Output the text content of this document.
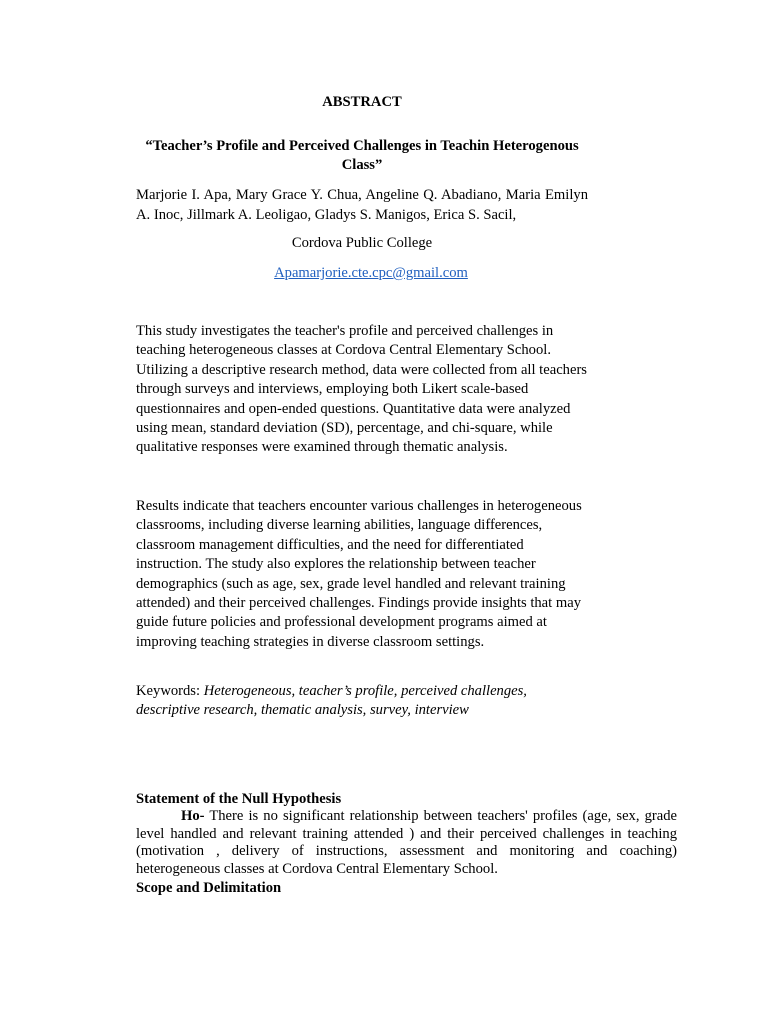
ABSTRACT

“Teacher’s Profile and Perceived Challenges in Teachin Heterogenous Class”

Marjorie I. Apa, Mary Grace Y. Chua, Angeline Q. Abadiano, Maria Emilyn A. Inoc, Jillmark A. Leoligao, Gladys S. Manigos, Erica S. Sacil,

Cordova Public College

Apamarjorie.cte.cpc@gmail.com

This study investigates the teacher's profile and perceived challenges in teaching heterogeneous classes at Cordova Central Elementary School. Utilizing a descriptive research method, data were collected from all teachers through surveys and interviews, employing both Likert scale-based questionnaires and open-ended questions. Quantitative data were analyzed using mean, standard deviation (SD), percentage, and chi-square, while qualitative responses were examined through thematic analysis.

Results indicate that teachers encounter various challenges in heterogeneous classrooms, including diverse learning abilities, language differences, classroom management difficulties, and the need for differentiated instruction. The study also explores the relationship between teacher demographics (such as age, sex, grade level handled and relevant training attended) and their perceived challenges. Findings provide insights that may guide future policies and professional development programs aimed at improving teaching strategies in diverse classroom settings.

Keywords: Heterogeneous, teacher’s profile, perceived challenges, descriptive research, thematic analysis, survey, interview

Statement of the Null Hypothesis

Ho- There is no significant relationship between teachers' profiles (age, sex, grade level handled and relevant training attended ) and their perceived challenges in teaching (motivation , delivery of instructions, assessment and monitoring and coaching) heterogeneous classes at Cordova Central Elementary School.

Scope and Delimitation
